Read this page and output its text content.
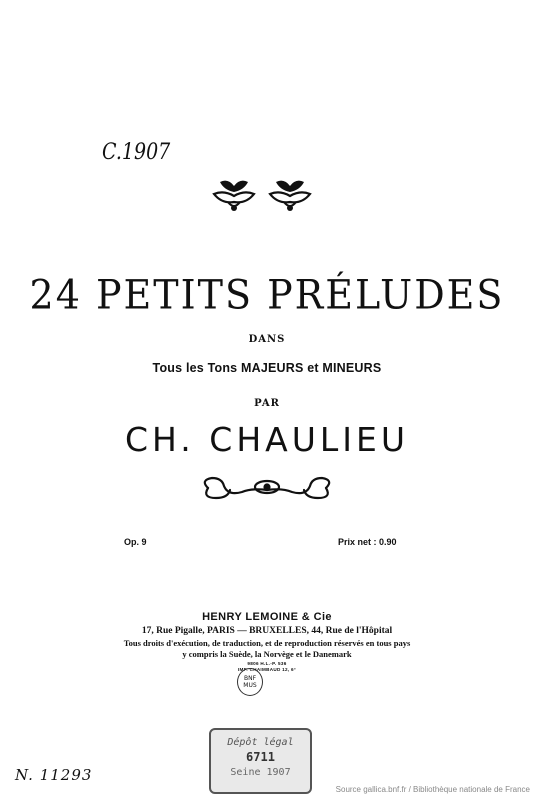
C.1907
24 PETITS PRÉLUDES
DANS
Tous les Tons MAJEURS et MINEURS
PAR
CH. CHAULIEU
Op. 9	Prix net : 0.90
HENRY LEMOINE & Cie
17, Rue Pigalle, PARIS — BRUXELLES, 44, Rue de l'Hôpital
Tous droits d'exécution, de traduction, et de reproduction réservés en tous pays
y compris la Suède, la Norvège et le Danemark
9806 H.L.-P. 536
IMP. CHAIMBAUD 12, 6°
BNF
MUS
Dépôt légal
6711
Seine 1907
N. 11293
Source gallica.bnf.fr / Bibliothèque nationale de France
